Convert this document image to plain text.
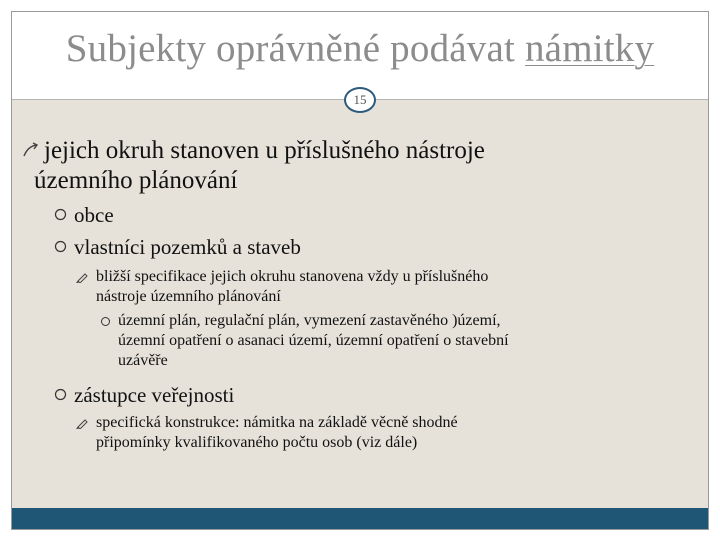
Subjekty oprávněné podávat námitky
jejich okruh stanoven u příslušného nástroje
územního plánování
obce
vlastníci pozemků a staveb
bližší specifikace jejich okruhu stanovena vždy u příslušného
nástroje územního plánování
územní plán, regulační plán, vymezení zastavěného )území,
územní opatření o asanaci území, územní opatření o stavební
uzávěře
zástupce veřejnosti
specifická konstrukce: námitka na základě věcně shodné
připomínky kvalifikovaného počtu osob (viz dále)
15
